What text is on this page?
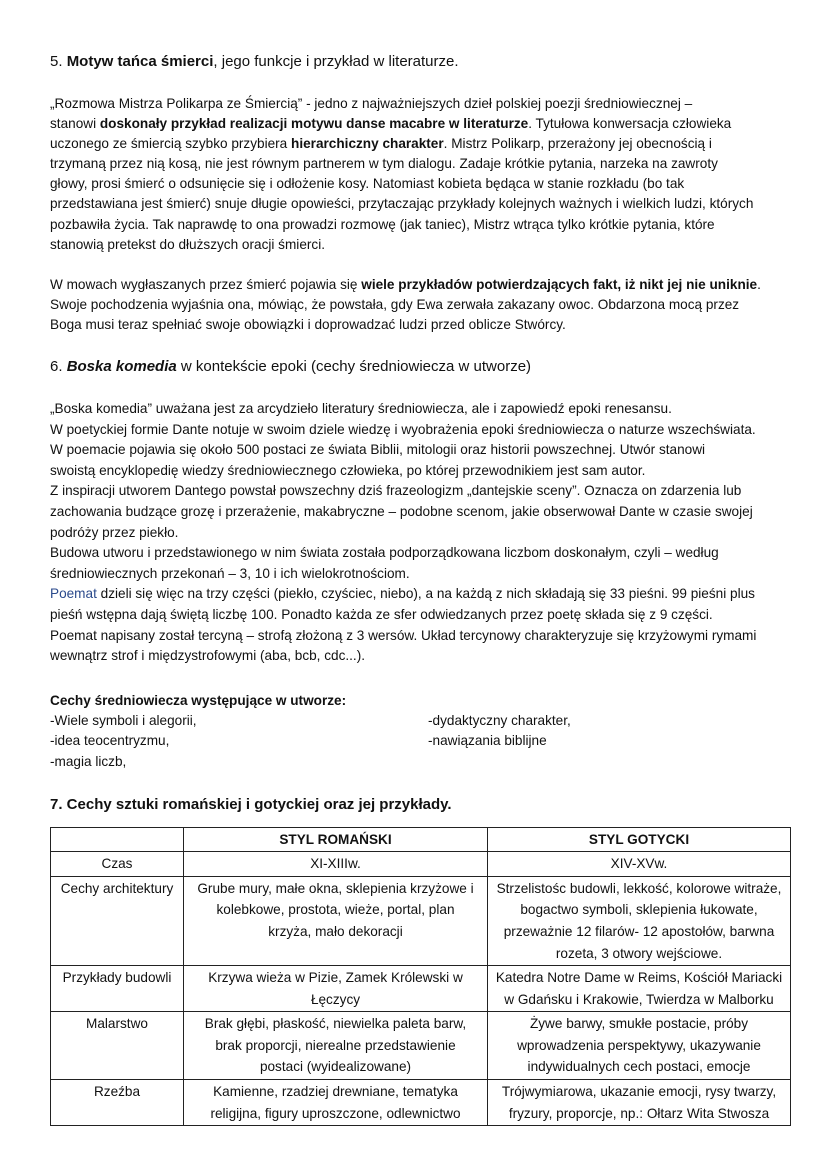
5. Motyw tańca śmierci, jego funkcje i przykład w literaturze.
„Rozmowa Mistrza Polikarpa ze Śmiercią” - jedno z najważniejszych dzieł polskiej poezji średniowiecznej –
stanowi doskonały przykład realizacji motywu danse macabre w literaturze. Tytułowa konwersacja człowieka
uczonego ze śmiercią szybko przybiera hierarchiczny charakter. Mistrz Polikarp, przerażony jej obecnością i
trzymaną przez nią kosą, nie jest równym partnerem w tym dialogu. Zadaje krótkie pytania, narzeka na zawroty
głowy, prosi śmierć o odsunięcie się i odłożenie kosy. Natomiast kobieta będąca w stanie rozkładu (bo tak
przedstawiana jest śmierć) snuje długie opowieści, przytaczając przykłady kolejnych ważnych i wielkich ludzi, których
pozbawiła życia. Tak naprawdę to ona prowadzi rozmowę (jak taniec), Mistrz wtrąca tylko krótkie pytania, które
stanowią pretekst do dłuższych oracji śmierci.
W mowach wygłaszanych przez śmierć pojawia się wiele przykładów potwierdzających fakt, iż nikt jej nie uniknie.
Swoje pochodzenia wyjaśnia ona, mówiąc, że powstała, gdy Ewa zerwała zakazany owoc. Obdarzona mocą przez
Boga musi teraz spełniać swoje obowiązki i doprowadzać ludzi przed oblicze Stwórcy.
6. Boska komedia w kontekście epoki (cechy średniowiecza w utworze)
„Boska komedia” uważana jest za arcydzieło literatury średniowiecza, ale i zapowiedź epoki renesansu.
W poetyckiej formie Dante notuje w swoim dziele wiedzę i wyobrażenia epoki średniowiecza o naturze wszechświata.
W poemacie pojawia się około 500 postaci ze świata Biblii, mitologii oraz historii powszechnej. Utwór stanowi
swoistą encyklopedię wiedzy średniowiecznego człowieka, po której przewodnikiem jest sam autor.
Z inspiracji utworem Dantego powstał powszechny dziś frazeologizm „dantejskie sceny”. Oznacza on zdarzenia lub
zachowania budzące grozę i przerażenie, makabryczne – podobne scenom, jakie obserwował Dante w czasie swojej
podróży przez piekło.
Budowa utworu i przedstawionego w nim świata została podporządkowana liczbom doskonałym, czyli – według
średniowiecznych przekonań – 3, 10 i ich wielokrotnościom.
Poemat dzieli się więc na trzy części (piekło, czyściec, niebo), a na każdą z nich składają się 33 pieśni. 99 pieśni plus
pieśń wstępna dają świętą liczbę 100. Ponadto każda ze sfer odwiedzanych przez poetę składa się z 9 części.
Poemat napisany został tercyną – strofą złożoną z 3 wersów. Układ tercynowy charakteryzuje się krzyżowymi rymami
wewnątrz strof i międzystrofowymi (aba, bcb, cdc...).
Cechy średniowiecza występujące w utworze:
-Wiele symboli i alegorii,
-idea teocentryzmu,
-magia liczb,
-dydaktyczny charakter,
-nawiązania biblijne
7. Cechy sztuki romańskiej i gotyckiej oraz jej przykłady.
	STYL ROMAŃSKI	STYL GOTYCKI
Czas	XI-XIIIw.	XIV-XVw.

Cechy architektury	Grube mury, małe okna, sklepienia krzyżowe i
kolebkowe, prostota, wieże, portal, plan
krzyża, mało dekoracji	Strzelistośc budowli, lekkość, kolorowe witraże,
bogactwo symboli, sklepienia łukowate,
przeważnie 12 filarów- 12 apostołów, barwna
rozeta, 3 otwory wejściowe.

Przykłady budowli	Krzywa wieża w Pizie, Zamek Królewski w
Łęczycy	Katedra Notre Dame w Reims, Kościół Mariacki
w Gdańsku i Krakowie, Twierdza w Malborku

Malarstwo	Brak głębi, płaskość, niewielka paleta barw,
brak proporcji, nierealne przedstawienie
postaci (wyidealizowane)	Żywe barwy, smukłe postacie, próby
wprowadzenia perspektywy, ukazywanie
indywidualnych cech postaci, emocje

Rzeźba	Kamienne, rzadziej drewniane, tematyka
religijna, figury uproszczone, odlewnictwo	Trójwymiarowa, ukazanie emocji, rysy twarzy,
fryzury, proporcje, np.: Ołtarz Wita Stwosza
